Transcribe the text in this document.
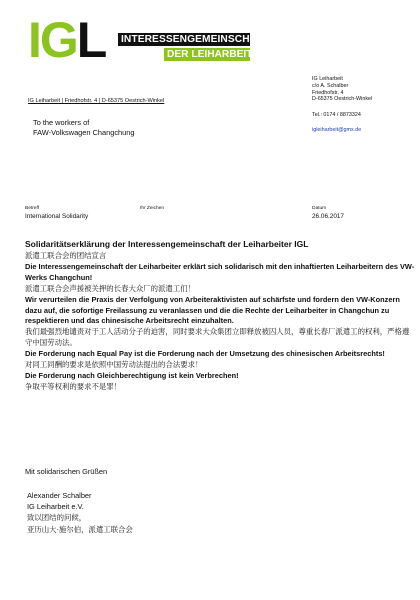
IGL INTERESSENGEMEINSCHAFT
DER LEIHARBEITER
IG Leiharbeit
c/o A. Schalber
Friedhofstr. 4
D-65375 Oestrich-Winkel
Tel.: 0174 / 8873324
igleiharbeit@gmx.de
IG Leiharbeit | Friedhofstr. 4 | D-65375 Oestrich-Winkel
To the workers of
FAW-Volkswagen Changchung
Betreff
International Solidarity
Ihr Zeichen	Datum
26.06.2017

Solidaritätserklärung der Interessengemeinschaft der Leiharbeiter IGL

派遣工联合会的团结宣言

Die Interessengemeinschaft der Leiharbeiter erklärt sich solidarisch mit den inhaftierten Leiharbeitern des VW-Werks Changchun!

派遣工联合会声援被关押的长春大众厂的派遣工们！

Wir verurteilen die Praxis der Verfolgung von Arbeiteraktivisten auf schärfste und fordern den VW-Konzern dazu auf, die sofortige Freilassung zu veranlassen und die die Rechte der Leiharbeiter in Changchun zu respektieren und das chinesische Arbeitsrecht einzuhalten.

我们最强烈地谴责对于工人活动分子的迫害，同时要求大众集团立即释放被囚人员，尊重长春厂派遣工的权利，严格遵守中国劳动法。

Die Forderung nach Equal Pay ist die Forderung nach der Umsetzung des chinesischen Arbeitsrechts!

对同工同酬的要求是依照中国劳动法提出的合法要求！

Die Forderung nach Gleichberechtigung ist kein Verbrechen!

争取平等权利的要求不是罪！

Mit solidarischen Grüßen
Alexander Schalber
IG Leiharbeit e.V.
致以团结的问候，
亚历山大·施尔伯，派遣工联合会
